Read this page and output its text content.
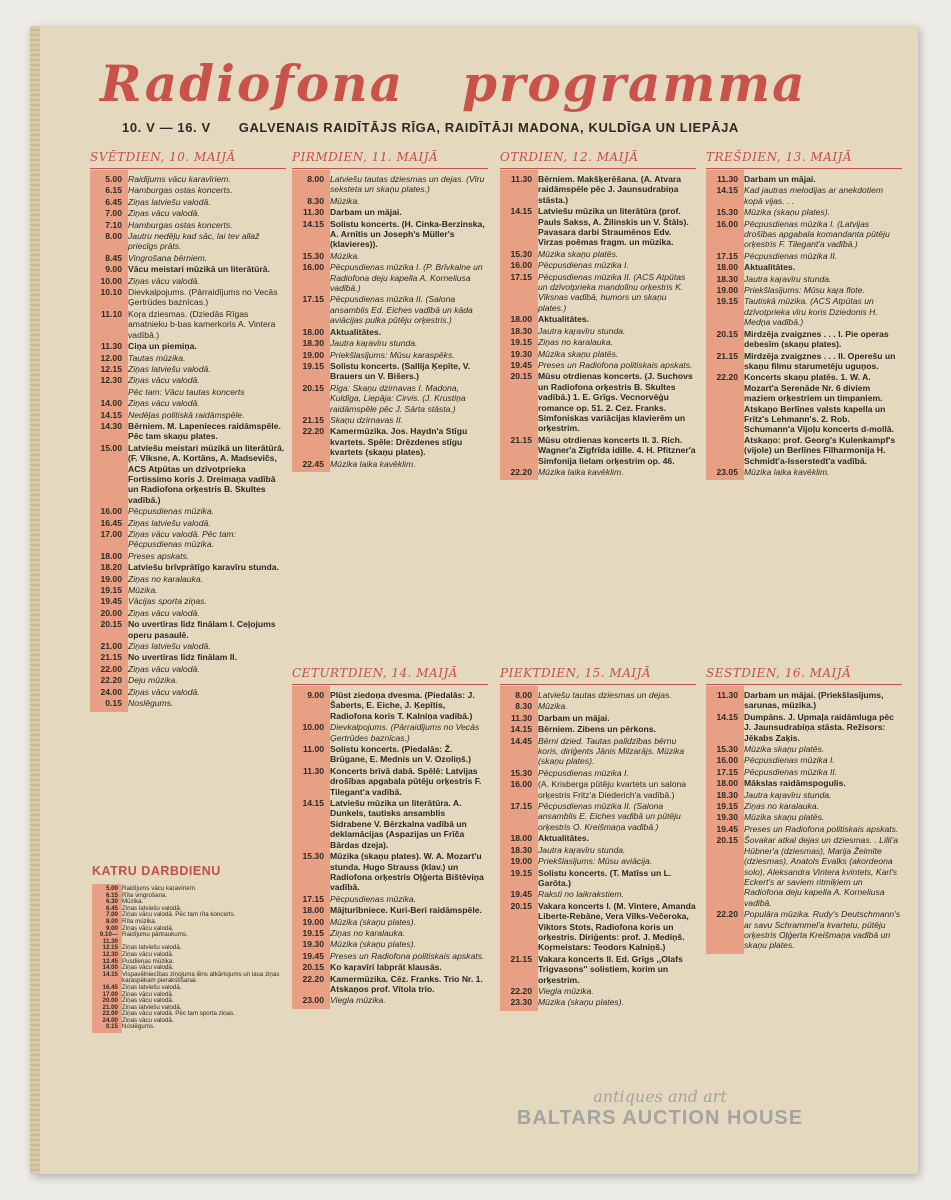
Radiofona programma
10. V — 16. V GALVENAIS RAIDĪTĀJS RĪGA, RAIDĪTĀJI MADONA, KULDĪGA UN LIEPĀJA
SVĒTDIEN, 10. MAIJĀ
5.00 Raidījums vācu karavīriem.
6.15 Hamburgas ostas koncerts.
6.45 Ziņas latviešu valodā.
7.00 Ziņas vācu valodā.
7.10 Hamburgas ostas koncerts.
8.00 Jautru nedēļu kad sāc, lai tev allaž priecīgs prāts.
8.45 Vingrošana bērniem.
9.00 Vācu meistari mūzikā un literātūrā.
10.00 Ziņas vācu valodā.
10.10 Dievkalpojums. (Pārraidījums no Vecās Ģertrūdes baznīcas.)
11.10 Koŗa dziesmas. (Dziedās Rīgas amatnieku b-bas kamerkoris A. Vintera vadībā.)
11.30 Ciņa un piemiņa.
12.00 Tautas mūzika.
12.15 Ziņas latviešu valodā.
12.30 Ziņas vācu valodā.
Pēc tam: Vācu tautas koncerts
14.00 Ziņas vācu valodā.
14.15 Nedēļas politiskā raidāmspēle.
14.30 Bērniem. M. Lapenieces raidāmspēle. Pēc tam skaņu plates.
15.00 Latviešu meistari mūzikā un literātūrā. (F. Vīksne, A. Kortāns, A. Madsevičs, ACS Atpūtas un dzīvotprieka Fortissimo koris J. Dreimaņa vadībā un Radiofona orķestris B. Skultes vadībā.)
16.00 Pēcpusdienas mūzika.
16.45 Ziņas latviešu valodā.
17.00 Ziņas vācu valodā. Pēc tam: Pēcpusdienas mūzika.
18.00 Preses apskats.
18.20 Latviešu brīvprātīgo karavīru stunda.
19.00 Ziņas no karalauka.
19.15 Mūzika.
19.45 Vācijas sporta ziņas.
20.00 Ziņas vācu valodā.
20.15 No uvertīras līdz finālam I. Ceļojums operu pasaulē.
21.00 Ziņas latviešu valodā.
21.15 No uvertīras līdz finālam II.
22.00 Ziņas vācu valodā.
22.20 Deju mūzika.
24.00 Ziņas vācu valodā.
0.15 Noslēgums.
PIRMDIEN, 11. MAIJĀ
8.00 Latviešu tautas dziesmas un dejas. (Vīru seksteta un skaņu plates.)
8.30 Mūzika.
11.30 Darbam un mājai.
14.15 Solistu koncerts. (H. Cinka-Berzinska, A. Arnītis un Joseph's Müller's (klavieres)).
15.30 Mūzika.
16.00 Pēcpusdienas mūzika I. (P. Brīvkalne un Radiofona deju kapella A. Korneliusa vadībā.)
17.15 Pēcpusdienas mūzika II. (Salona ansamblis Ed. Eiches vadībā un kāda aviācijas pulka pūtēju orķestris.)
18.00 Aktualitātes.
18.30 Jautra kaŗavīru stunda.
19.00 Priekšlasījums: Mūsu karaspēks.
19.15 Solistu koncerts. (Sallija Ķepīte, V. Brauers un V. Bišers.)
20.15 Rīga: Skaņu dzirnavas I. Madona, Kuldīga, Liepāja: Cirvis. (J. Krustiņa raidāmspēle pēc J. Sārta stāsta.)
21.15 Skaņu dzirnavas II.
22.20 Kamermūzika. Jos. Haydn'a Stīgu kvartets. Spēle: Drēzdenes stīgu kvartets (skaņu plates).
22.45 Mūzika laika kavēklim.
OTRDIEN, 12. MAIJĀ
11.30 Bērniem. Makšķerēšana. (A. Atvara raidāmspēle pēc J. Jaunsudrabiņa stāsta.)
14.15 Latviešu mūzika un literātūra (prof. Pauls Sakss, A. Žilinskis un V. Štāls). Pavasara darbi Straumēnos Edv. Virzas poēmas fragm. un mūzika.
15.30 Mūzika skaņu platēs.
16.00 Pēcpusdienas mūzika I.
17.15 Pēcpusdienas mūzika II. (ACS Atpūtas un dzīvotprieka mandolīnu orķestris K. Vīksnas vadībā, humors un skaņu plates.)
18.00 Aktualitātes.
18.30 Jautra kaŗavīru stunda.
19.15 Ziņas no karalauka.
19.30 Mūzika skaņu platēs.
19.45 Preses un Radiofona politiskais apskats.
20.15 Mūsu otrdienas koncerts. (J. Suchovs un Radiofona orķestris B. Skultes vadībā.) 1. E. Grīgs. Vecnorvēģu romance op. 51. 2. Cez. Franks. Simfoniskas variācijas klavierēm un orķestrim.
21.15 Mūsu otrdienas koncerts II. 3. Rich. Wagner'a Zīgfrīda idille. 4. H. Pfitzner'a Simfonija lielam orķestrim op. 46.
22.20 Mūzika laika kavēklim.
TREŠDIEN, 13. MAIJĀ
11.30 Darbam un mājai.
14.15 Kad jautras melodijas ar anekdotiem kopā vijas. . .
15.30 Mūzika (skaņu plates).
16.00 Pēcpusdienas mūzika I. (Latvijas drošības apgabala komandanta pūtēju orķestris F. Tilegant'a vadībā.)
17.15 Pēcpusdienas mūzika II.
18.00 Aktualitātes.
18.30 Jautra kaŗavīru stunda.
19.00 Priekšlasījums: Mūsu kaŗa flote.
19.15 Tautiskā mūzika. (ACS Atpūtas un dzīvotprieka vīru koris Dziedonis H. Medņa vadībā.)
20.15 Mirdzēja zvaigznes . . . I. Pie operas debesīm (skaņu plates).
21.15 Mirdzēja zvaigznes . . . II. Operešu un skaņu filmu starumetēju uguņos.
22.20 Koncerts skaņu platēs. 1. W. A. Mozart'a Serenāde Nr. 6 diviem maziem orķestriem un timpaniem. Atskaņo Berlīnes valsts kapella un Fritz's Lehmann's. 2. Rob. Schumann'a Vijoļu koncerts d-mollā. Atskaņo: prof. Georg's Kulenkampf's (vijole) un Berlīnes Filharmonija H. Schmidt'a-Isserstedt'a vadībā.
23.05 Mūzika laika kavēklim.
CETURTDIEN, 14. MAIJĀ
9.00 Plūst ziedoņa dvesma. (Piedalās: J. Šaberts, E. Eiche, J. Ķepītis, Radiofona koris T. Kalniņa vadībā.)
10.00 Dievkalpojums. (Pārraidījums no Vecās Ģertrūdes baznīcas.)
11.00 Solistu koncerts. (Piedalās: Ž. Brūgane, E. Mednis un V. Ozoliņš.)
11.30 Koncerts brīvā dabā. Spēlē: Latvijas drošības apgabala pūtēju orķestris F. Tilegant'a vadībā.
14.15 Latviešu mūzika un literātūra. A. Dunkels, tautisks ansamblis Sidrabene V. Bērzkalna vadībā un deklamācijas (Aspazijas un Frīča Bārdas dzeja).
15.30 Mūzika (skaņu plates). W. A. Mozart'u stunda. Hugo Strauss (klav.) un Radiofona orķestris Oļģerta Bištēviņa vadībā.
17.15 Pēcpusdienas mūzika.
18.00 Mājturībniece. Kuri-Beri raidāmspēle.
19.00 Mūzika (skaņu plates).
19.15 Ziņas no karalauka.
19.30 Mūzika (skaņu plates).
19.45 Preses un Radiofona politiskais apskats.
20.15 Ko kaŗavīri labprāt klausās.
22.20 Kamermūzika. Cēz. Franks. Trio Nr. 1. Atskaņos prof. Vītola trio.
23.00 Viegla mūzika.
PIEKTDIEN, 15. MAIJĀ
8.00 Latviešu tautas dziesmas un dejas.
8.30 Mūzika.
11.30 Darbam un mājai.
14.15 Bērniem. Zibens un pērkons.
14.45 Bērni dzied. Tautas palīdzības bērnu koris, diriģents Jānis Milzarājs. Mūzika (skaņu plates).
15.30 Pēcpusdienas mūzika I.
16.00 (A. Krisberga pūtēju kvartets un salona orķestris Fritz'a Diederich'a vadībā.)
17.15 Pēcpusdienas mūzika II. (Salona ansamblis E. Eiches vadībā un pūtēju orķestris O. Kreišmaņa vadībā.)
18.00 Aktualitātes.
18.30 Jautra kaŗavīru stunda.
19.00 Priekšlasījums: Mūsu aviācija.
19.15 Solistu koncerts. (T. Matīss un L. Garōta.)
19.45 Raksti no laikrakstiem.
20.15 Vakara koncerts I. (M. Vintere, Amanda Liberte-Rebāne, Vera Vilks-Večeroka, Viktors Stots, Radiofona koris un orķestris. Diriģents: prof. J. Mediņš. Koŗmeistars: Teodors Kalniņš.)
21.15 Vakara koncerts II. Ed. Grīgs ,,Olafs Trigvasons'' solistiem, korim un orķestrim.
22.20 Viegla mūzika.
23.30 Mūzika (skaņu plates).
SESTDIEN, 16. MAIJĀ
11.30 Darbam un mājai. (Priekšlasījums, sarunas, mūzika.)
14.15 Dumpāns. J. Upmaļa raidāmluga pēc J. Jaunsudrabiņa stāsta. Režisors: Jēkabs Zaķis.
15.30 Mūzika skaņu platēs.
16.00 Pēcpusdienas mūzika I.
17.15 Pēcpusdienas mūzika II.
18.00 Mākslas raidāmspogulis.
18.30 Jautra kaŗavīru stunda.
19.15 Ziņas no karalauka.
19.30 Mūzika skaņu platēs.
19.45 Preses un Radiofona politiskais apskats.
20.15 Šovakar atkal dejas un dziesmas. . Lilli'a Hübner'a (dziesmas), Marija Žeimīte (dziesmas), Anatols Evalks (akordeona solo), Aleksandra Vintera kvintets, Karl's Eckert's ar saviem ritmiķiem un Radiofona deju kapella A. Korneliusa vadībā.
22.20 Populāra mūzika. Rudy's Deutschmann's ar savu Schrammel'a kvartetu, pūtēju orķestris Oļģerta Kreišmaņa vadībā un skaņu plates.
KATRU DARBDIENU
5.00 Raidījums vācu kaŗavīriem.
6.15 Rīta vingrošana.
6.30 Mūzika.
6.45 Ziņas latviešu valodā.
7.00 Ziņas vācu valodā. Pēc tam rīta koncerts.
8.00 Rīta mūzika.
9.00 Ziņas vācu valodā.
9.10—11.30
Raidījumu pārtraukums.
12.15 Ziņas latviešu valodā.
12.30 Ziņas vācu valodā.
12.45 Pusdienas mūzika.
14.00 Ziņas vācu valodā.
14.15 Vispavēlniecības ziņojuma lēns atkārtojums un lasa ziņas kaŗaspēkam pierakstīšanai.
16.45 Ziņas latviešu valodā.
17.00 Ziņas vācu valodā.
20.00 Ziņas vācu valodā.
21.00 Ziņas latviešu valodā.
22.00 Ziņas vācu valodā. Pēc tam sporta ziņas.
24.00 Ziņas vācu valodā.
0.15 Noslēgums.
antiques and art
BALTARS AUCTION HOUSE
